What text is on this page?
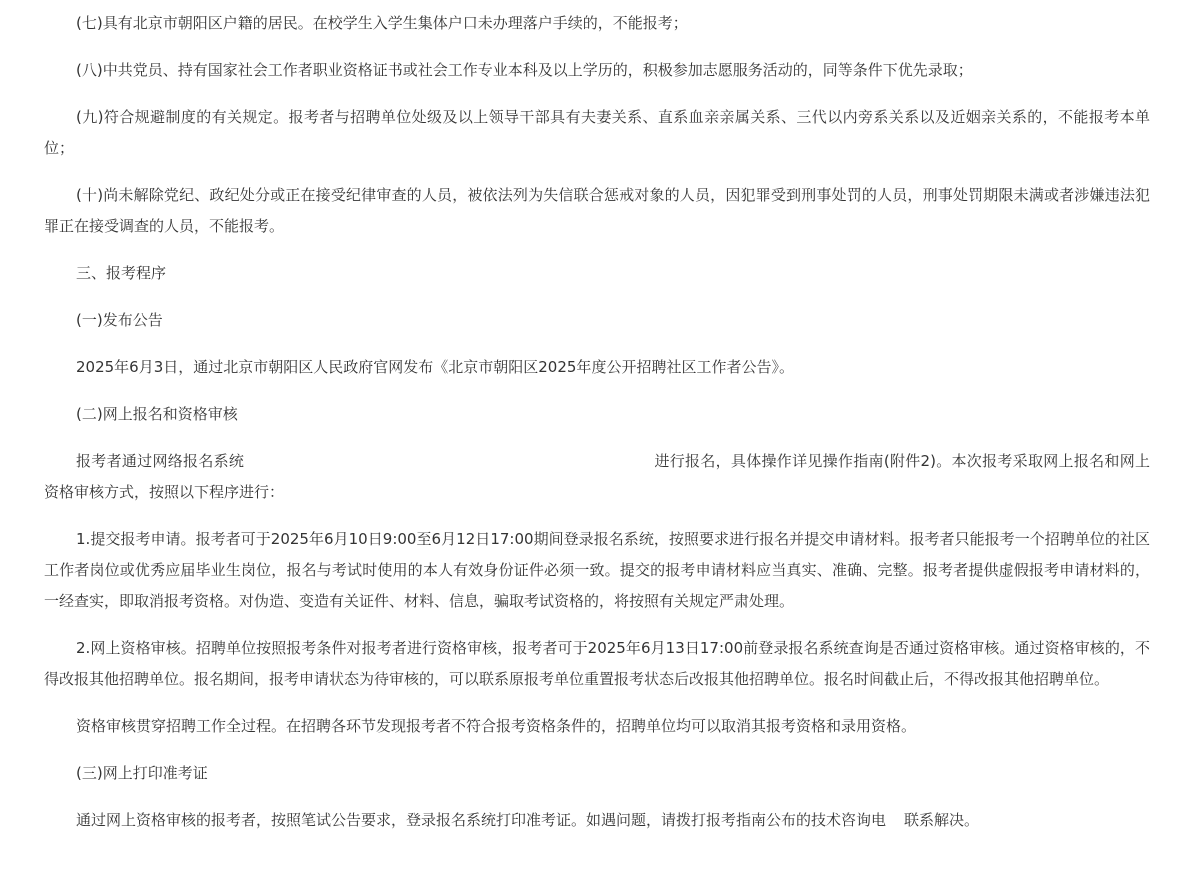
(七)具有北京市朝阳区户籍的居民。在校学生入学生集体户口未办理落户手续的，不能报考；

(八)中共党员、持有国家社会工作者职业资格证书或社会工作专业本科及以上学历的，积极参加志愿服务活动的，同等条件下优先录取；

(九)符合规避制度的有关规定。报考者与招聘单位处级及以上领导干部具有夫妻关系、直系血亲亲属关系、三代以内旁系关系以及近姻亲关系的，不能报考本单位；

(十)尚未解除党纪、政纪处分或正在接受纪律审查的人员，被依法列为失信联合惩戒对象的人员，因犯罪受到刑事处罚的人员，刑事处罚期限未满或者涉嫌违法犯罪正在接受调查的人员，不能报考。

三、报考程序

(一)发布公告

2025年6月3日，通过北京市朝阳区人民政府官网发布《北京市朝阳区2025年度公开招聘社区工作者公告》。

(二)网上报名和资格审核

报考者通过网络报名系统	进行报名，具体操作详见操作指南(附件2)。本次报考采取网上报名和网上资格审核方式，按照以下程序进行：

1.提交报考申请。报考者可于2025年6月10日9:00至6月12日17:00期间登录报名系统，按照要求进行报名并提交申请材料。报考者只能报考一个招聘单位的社区工作者岗位或优秀应届毕业生岗位，报名与考试时使用的本人有效身份证件必须一致。提交的报考申请材料应当真实、准确、完整。报考者提供虚假报考申请材料的，一经查实，即取消报考资格。对伪造、变造有关证件、材料、信息，骗取考试资格的，将按照有关规定严肃处理。

2.网上资格审核。招聘单位按照报考条件对报考者进行资格审核，报考者可于2025年6月13日17:00前登录报名系统查询是否通过资格审核。通过资格审核的，不得改报其他招聘单位。报名期间，报考申请状态为待审核的，可以联系原报考单位重置报考状态后改报其他招聘单位。报名时间截止后，不得改报其他招聘单位。

资格审核贯穿招聘工作全过程。在招聘各环节发现报考者不符合报考资格条件的，招聘单位均可以取消其报考资格和录用资格。

(三)网上打印准考证

通过网上资格审核的报考者，按照笔试公告要求，登录报名系统打印准考证。如遇问题，请拨打报考指南公布的技术咨询电 联系解决。
